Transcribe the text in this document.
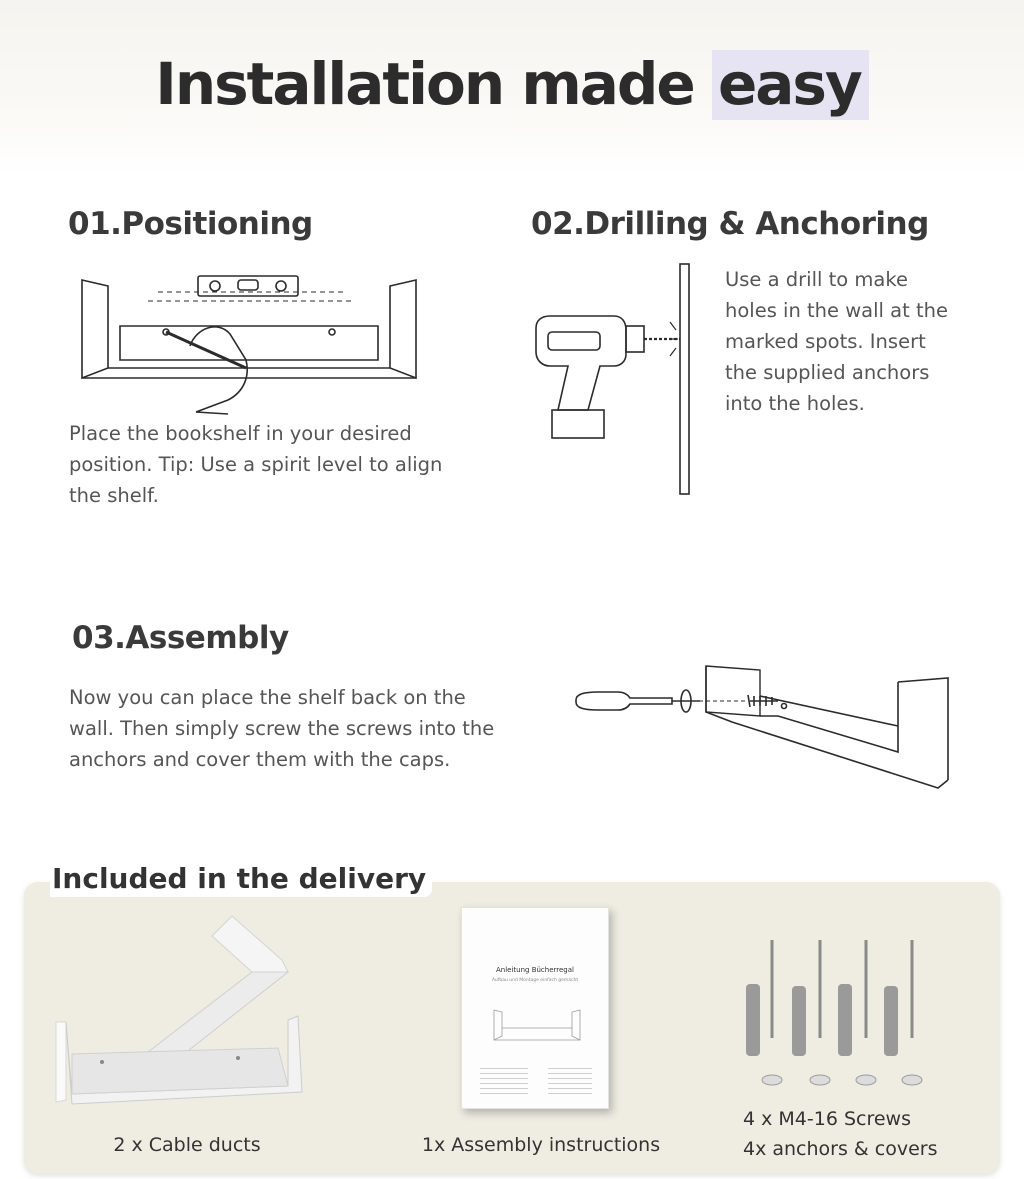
Installation made easy
01.Positioning
Place the bookshelf in your desired
position. Tip: Use a spirit level to align
the shelf.
02.Drilling & Anchoring
Use a drill to make
holes in the wall at the
marked spots. Insert
the supplied anchors
into the holes.
03.Assembly
Now you can place the shelf back on the
wall. Then simply screw the screws into the
anchors and cover them with the caps.
Included in the delivery
2 x Cable ducts
Anleitung Bücherregal
Aufbau und Montage einfach gemacht
1x Assembly instructions
4 x M4-16 Screws
4x anchors & covers
